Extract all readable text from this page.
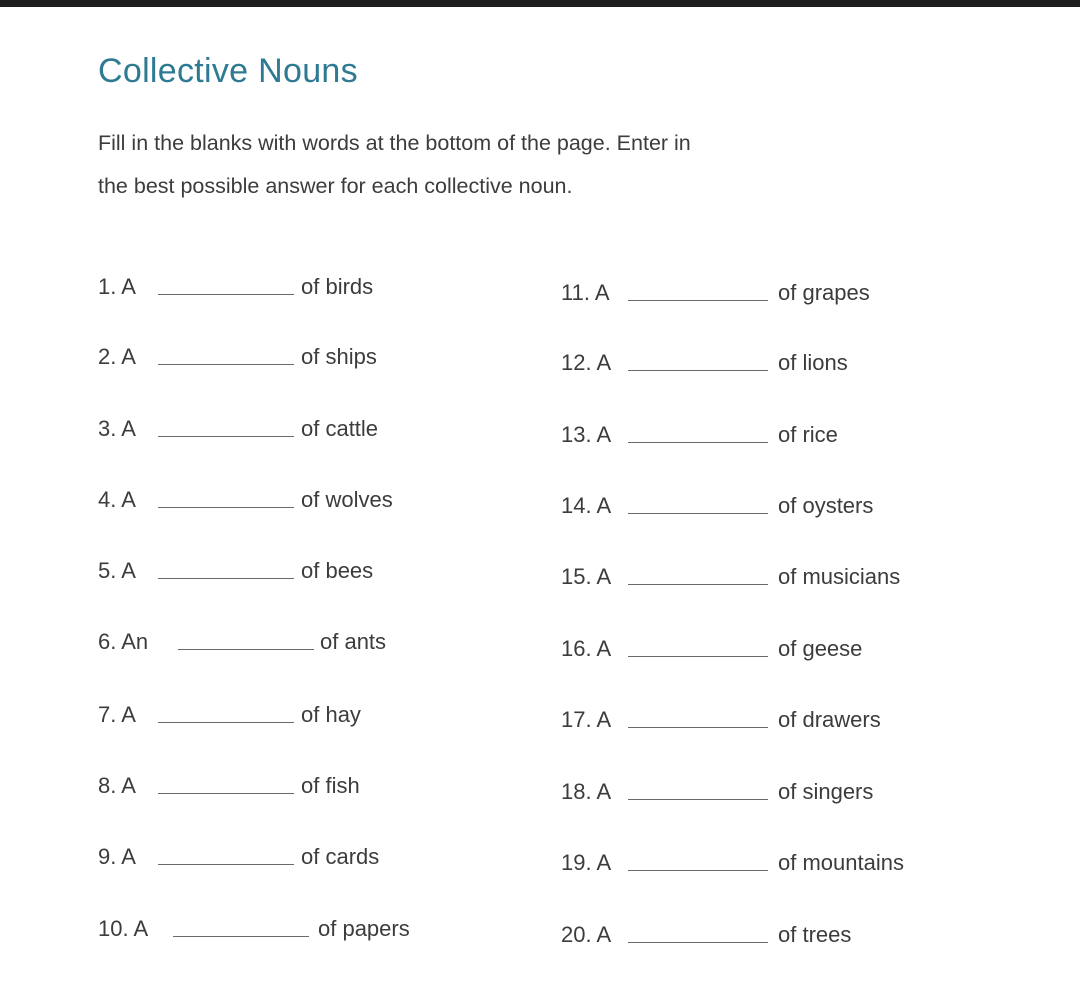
Collective Nouns
Fill in the blanks with words at the bottom of the page. Enter in
the best possible answer for each collective noun.
1. A	of birds
2. A	of ships
3. A	of cattle
4. A	of wolves
5. A	of bees
6. An	of ants
7. A	of hay
8. A	of fish
9. A	of cards
10. A	of papers
11. A	of grapes
12. A	of lions
13. A	of rice
14. A	of oysters
15. A	of musicians
16. A	of geese
17. A	of drawers
18. A	of singers
19. A	of mountains
20. A	of trees
